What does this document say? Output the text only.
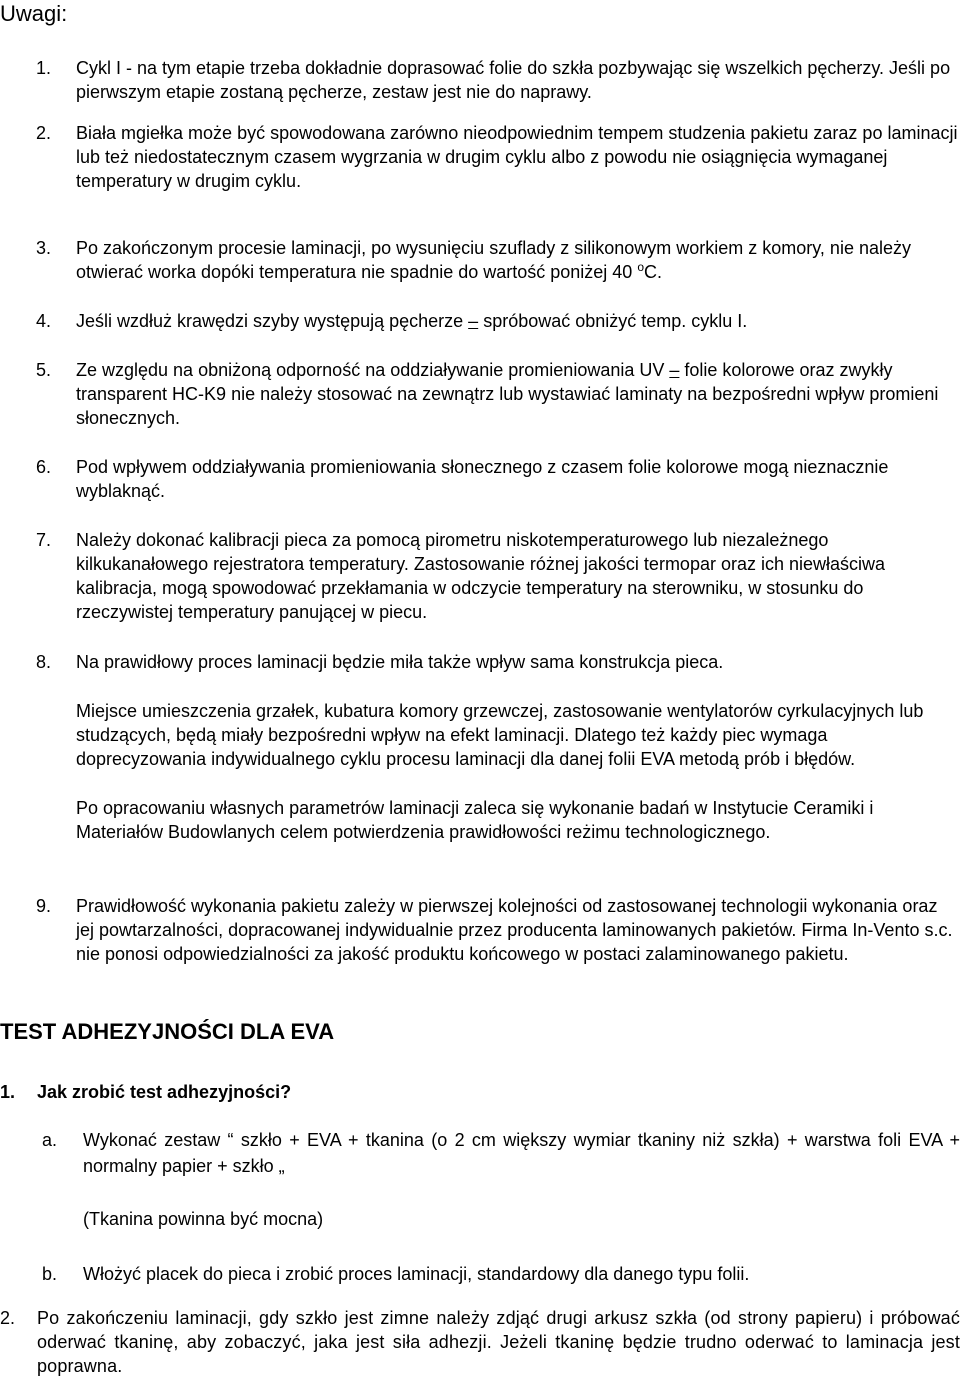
Uwagi:
1.	Cykl I - na tym etapie trzeba dokładnie doprasować folie do szkła pozbywając się wszelkich pęcherzy. Jeśli po pierwszym etapie zostaną pęcherze, zestaw jest nie do naprawy.
2.	Biała mgiełka może być spowodowana zarówno nieodpowiednim tempem studzenia pakietu zaraz po laminacji lub też niedostatecznym czasem wygrzania w drugim cyklu albo z powodu nie osiągnięcia wymaganej temperatury w drugim cyklu.
3.	Po zakończonym procesie laminacji, po wysunięciu szuflady z silikonowym workiem z komory, nie należy otwierać worka dopóki temperatura nie spadnie do wartość poniżej 40 $^o$C.
4.	Jeśli wzdłuż krawędzi szyby występują pęcherze – spróbować obniżyć temp. cyklu I.
5.	Ze względu na obniżoną odporność na oddziaływanie promieniowania UV – folie kolorowe oraz zwykły transparent HC-K9 nie należy stosować na zewnątrz lub wystawiać laminaty na bezpośredni wpływ promieni słonecznych.
6.	Pod wpływem oddziaływania promieniowania słonecznego z czasem folie kolorowe mogą nieznacznie wyblaknąć.
7.	Należy dokonać kalibracji pieca za pomocą pirometru niskotemperaturowego lub niezależnego kilkukanałowego rejestratora temperatury. Zastosowanie różnej jakości termopar oraz ich niewłaściwa kalibracja, mogą spowodować przekłamania w odczycie temperatury na sterowniku, w stosunku do rzeczywistej temperatury panującej w piecu.
8.	Na prawidłowy proces laminacji będzie miła także wpływ sama konstrukcja pieca.
Miejsce umieszczenia grzałek, kubatura komory grzewczej, zastosowanie wentylatorów cyrkulacyjnych lub studzących, będą miały bezpośredni wpływ na efekt laminacji. Dlatego też każdy piec wymaga doprecyzowania indywidualnego cyklu procesu laminacji dla danej folii EVA metodą prób i błędów.
Po opracowaniu własnych parametrów laminacji zaleca się wykonanie badań w Instytucie Ceramiki i Materiałów Budowlanych celem potwierdzenia prawidłowości reżimu technologicznego.
9.	Prawidłowość wykonania pakietu zależy w pierwszej kolejności od zastosowanej technologii wykonania oraz jej powtarzalności, dopracowanej indywidualnie przez producenta laminowanych pakietów. Firma In-Vento s.c. nie ponosi odpowiedzialności za jakość produktu końcowego w postaci zalaminowanego pakietu.
TEST ADHEZYJNOŚCI DLA EVA
1. Jak zrobić test adhezyjności?
a.	Wykonać zestaw “ szkło + EVA + tkanina (o 2 cm większy wymiar tkaniny niż szkła) + warstwa foli EVA + normalny papier + szkło „
(Tkanina powinna być mocna)
b.	Włożyć placek do pieca i zrobić proces laminacji, standardowy dla danego typu folii.
2.	Po zakończeniu laminacji, gdy szkło jest zimne należy zdjąć drugi arkusz szkła (od strony papieru) i próbować oderwać tkaninę, aby zobaczyć, jaka jest siła adhezji. Jeżeli tkaninę będzie trudno oderwać to laminacja jest poprawna.
